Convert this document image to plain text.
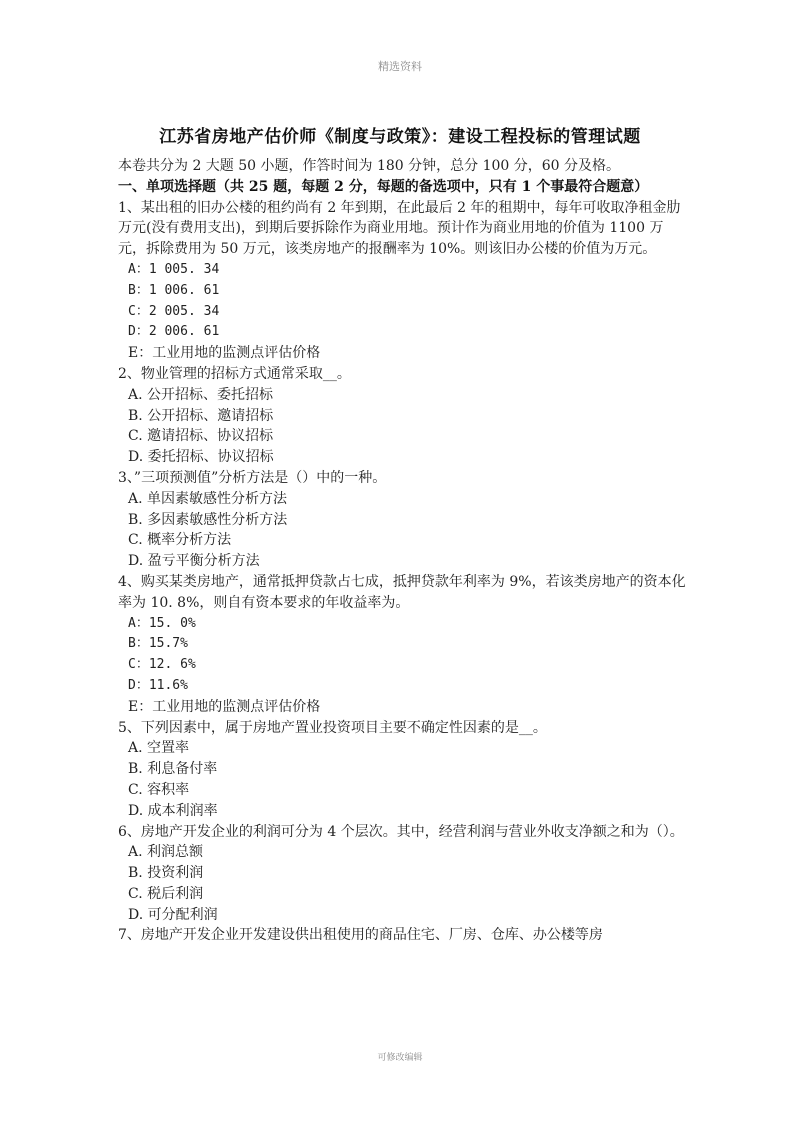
精选资料
江苏省房地产估价师《制度与政策》：建设工程投标的管理试题
本卷共分为 2 大题 50 小题，作答时间为 180 分钟，总分 100 分，60 分及格。
一、单项选择题（共 25 题，每题 2 分，每题的备选项中，只有 1 个事最符合题意）
1、某出租的旧办公楼的租约尚有 2 年到期，在此最后 2 年的租期中，每年可收取净租金肋万元(没有费用支出)，到期后要拆除作为商业用地。预计作为商业用地的价值为 1100 万元，拆除费用为 50 万元，该类房地产的报酬率为 10%。则该旧办公楼的价值为万元。
A：1 005. 34
B：1 006. 61
C：2 005. 34
D：2 006. 61
E：工业用地的监测点评估价格
2、物业管理的招标方式通常采取__。
A. 公开招标、委托招标
B. 公开招标、邀请招标
C. 邀请招标、协议招标
D. 委托招标、协议招标
3、”三项预测值”分析方法是（）中的一种。
A. 单因素敏感性分析方法
B. 多因素敏感性分析方法
C. 概率分析方法
D. 盈亏平衡分析方法
4、购买某类房地产，通常抵押贷款占七成，抵押贷款年利率为 9%，若该类房地产的资本化率为 10. 8%，则自有资本要求的年收益率为。
A：15. 0%
B：15.7%
C：12. 6%
D：11.6%
E：工业用地的监测点评估价格
5、下列因素中，属于房地产置业投资项目主要不确定性因素的是__。
A. 空置率
B. 利息备付率
C. 容积率
D. 成本利润率
6、房地产开发企业的利润可分为 4 个层次。其中，经营利润与营业外收支净额之和为（）。
A. 利润总额
B. 投资利润
C. 税后利润
D. 可分配利润
7、房地产开发企业开发建设供出租使用的商品住宅、厂房、仓库、办公楼等房
可修改编辑
